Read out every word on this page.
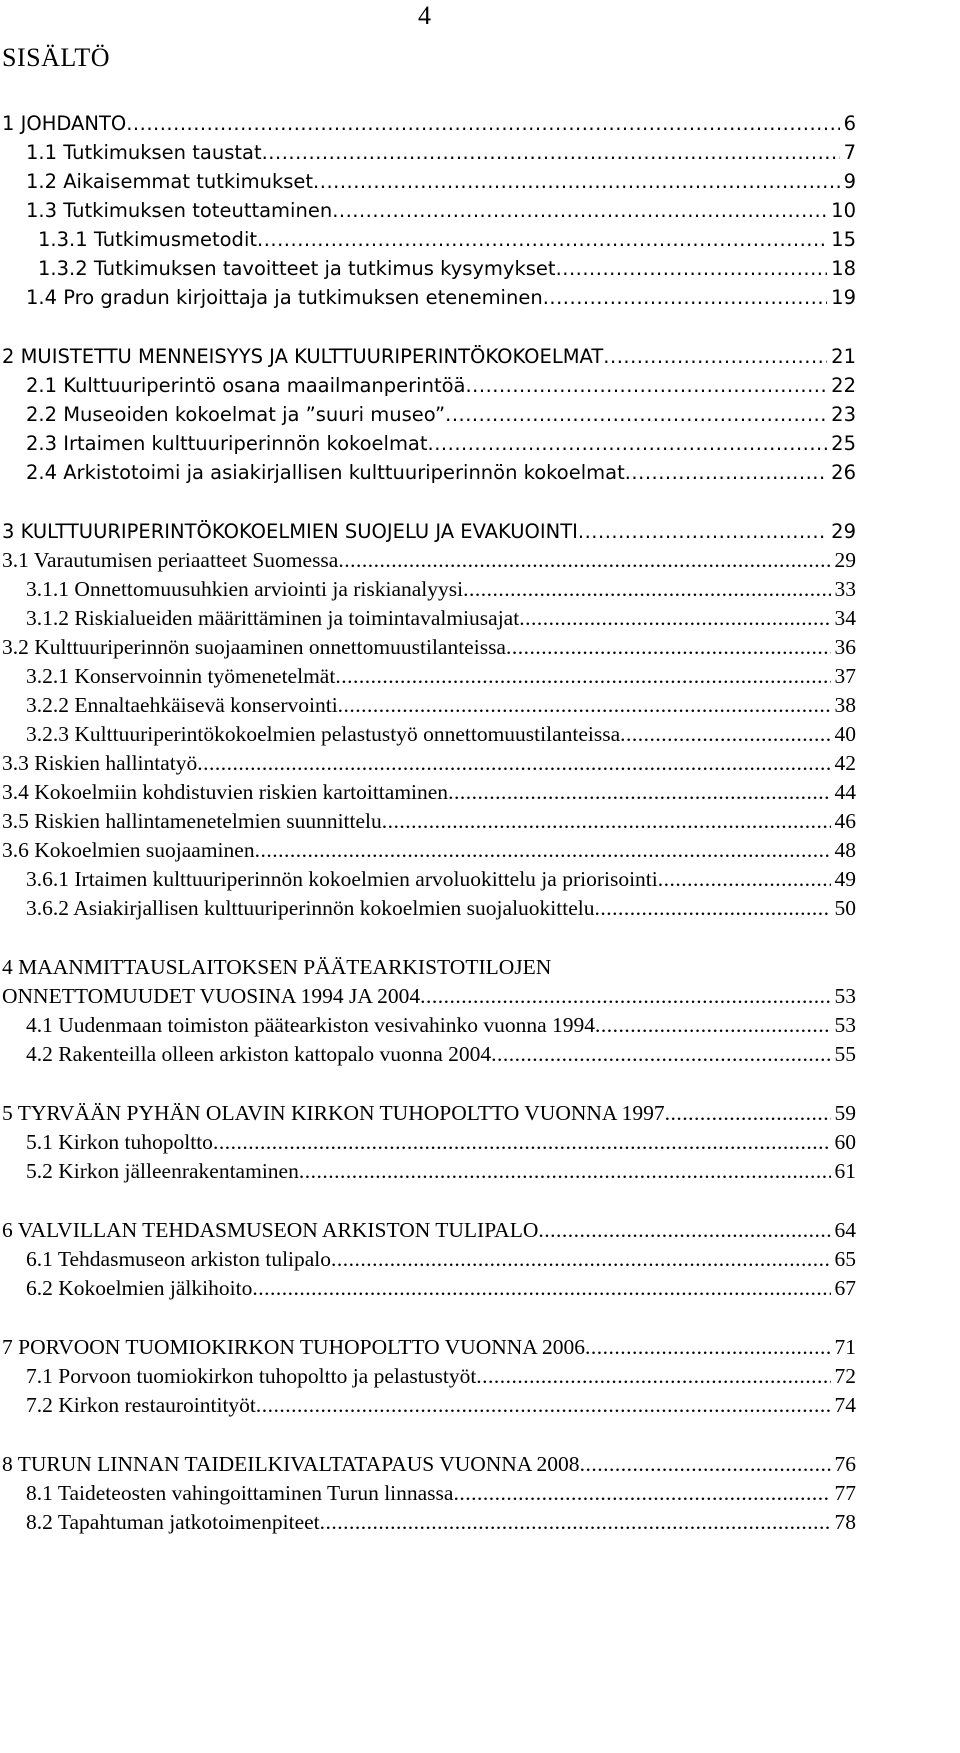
4
SISÄLTÖ
1 JOHDANTO .....	6
1.1 Tutkimuksen taustat .....	7
1.2 Aikaisemmat tutkimukset .....	9
1.3 Tutkimuksen toteuttaminen .....	10
1.3.1 Tutkimusmetodit .....	15
1.3.2 Tutkimuksen tavoitteet ja tutkimus kysymykset .....	18
1.4 Pro gradun kirjoittaja ja tutkimuksen eteneminen .....	19
2 MUISTETTU MENNEISYYS JA KULTTUURIPERINTÖKOKOELMAT .....	21
2.1 Kulttuuriperintö osana maailmanperintöä .....	22
2.2 Museoiden kokoelmat ja ”suuri museo” .....	23
2.3 Irtaimen kulttuuriperinnön kokoelmat .....	25
2.4 Arkistotoimi ja asiakirjallisen kulttuuriperinnön kokoelmat .....	26
3 KULTTUURIPERINTÖKOKOELMIEN SUOJELU JA EVAKUOINTI .....	29
3.1 Varautumisen periaatteet Suomessa .....	29
3.1.1 Onnettomuusuhkien arviointi ja riskianalyysi .....	33
3.1.2 Riskialueiden määrittäminen ja toimintavalmiusajat .....	34
3.2 Kulttuuriperinnön suojaaminen onnettomuustilanteissa .....	36
3.2.1 Konservoinnin työmenetelmät .....	37
3.2.2 Ennaltaehkäisevä konservointi .....	38
3.2.3 Kulttuuriperintökokoelmien pelastustyö onnettomuustilanteissa .....	40
3.3 Riskien hallintatyö .....	42
3.4 Kokoelmiin kohdistuvien riskien kartoittaminen .....	44
3.5 Riskien hallintamenetelmien suunnittelu .....	46
3.6 Kokoelmien suojaaminen .....	48
3.6.1 Irtaimen kulttuuriperinnön kokoelmien arvoluokittelu ja priorisointi .....	49
3.6.2 Asiakirjallisen kulttuuriperinnön kokoelmien suojaluokittelu .....	50
4 MAANMITTAUSLAITOKSEN PÄÄTEARKISTOTILOJEN
ONNETTOMUUDET VUOSINA 1994 JA 2004 .....	53
4.1 Uudenmaan toimiston päätearkiston vesivahinko vuonna 1994 .....	53
4.2 Rakenteilla olleen arkiston kattopalo vuonna 2004 .....	55
5 TYRVÄÄN PYHÄN OLAVIN KIRKON TUHOPOLTTO VUONNA 1997 .....	59
5.1 Kirkon tuhopoltto .....	60
5.2 Kirkon jälleenrakentaminen .....	61
6 VALVILLAN TEHDASMUSEON ARKISTON TULIPALO .....	64
6.1 Tehdasmuseon arkiston tulipalo .....	65
6.2 Kokoelmien jälkihoito .....	67
7 PORVOON TUOMIOKIRKON TUHOPOLTTO VUONNA 2006 .....	71
7.1 Porvoon tuomiokirkon tuhopoltto ja pelastustyöt .....	72
7.2 Kirkon restaurointityöt .....	74
8 TURUN LINNAN TAIDEILKIVALTATAPAUS VUONNA 2008 .....	76
8.1 Taideteosten vahingoittaminen Turun linnassa .....	77
8.2 Tapahtuman jatkotoimenpiteet .....	78
